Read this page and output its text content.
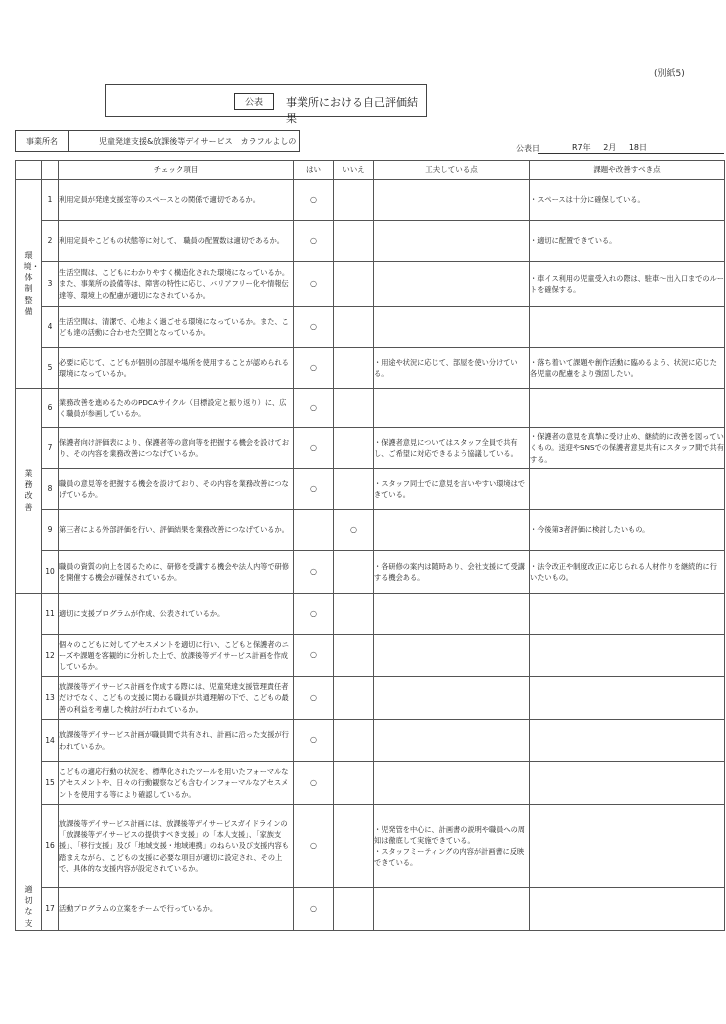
(別紙5)
公表	事業所における自己評価結果
事業所名	児童発達支援&放課後等デイサービス　カラフルよしの
公表日	R7年 2月 18日
		チェック項目	はい	いいえ	工夫している点	課題や改善すべき点
環境・体制整備	1	利用定員が発達支援室等のスペースとの関係で適切であるか。	○			・スペースは十分に確保している。
	2	利用定員やこどもの状態等に対して、 職員の配置数は適切であるか。	○			・適切に配置できている。
	3	生活空間は、こどもにわかりやすく構造化された環境になっているか。また、事業所の設備等は、障害の特性に応じ、バリアフリー化や情報伝達等、環境上の配慮が適切になされているか。	○			・車イス利用の児童受入れの際は、駐車～出入口までのルートを確保する。
	4	生活空間は、清潔で、心地よく過ごせる環境になっているか。また、こども達の活動に合わせた空間となっているか。	○			
	5	必要に応じて、こどもが個別の部屋や場所を使用することが認められる環境になっているか。	○		・用途や状況に応じて、部屋を使い分けている。	・落ち着いて課題や創作活動に臨めるよう、状況に応じた各児童の配慮をより強固したい。
業務改善	6	業務改善を進めるためのPDCAサイクル（目標設定と振り返り）に、広く職員が参画しているか。	○			
	7	保護者向け評価表により、保護者等の意向等を把握する機会を設けており、その内容を業務改善につなげているか。	○		・保護者意見についてはスタッフ全員で共有し、ご希望に対応できるよう協議している。	・保護者の意見を真摯に受け止め、継続的に改善を図っていくもの。送迎やSNSでの保護者意見共有にスタッフ間で共有する。
	8	職員の意見等を把握する機会を設けており、その内容を業務改善につなげているか。	○		・スタッフ同士でに意見を言いやすい環境はできている。	
	9	第三者による外部評価を行い、評価結果を業務改善につなげているか。		○		・今後第3者評価に検討したいもの。
	10	職員の資質の向上を図るために、研修を受講する機会や法人内等で研修を開催する機会が確保されているか。	○		・各研修の案内は随時あり、会社支援にて受講する機会ある。	・法令改正や制度改正に応じられる人材作りを継続的に行いたいもの。
適切な支	11	適切に支援プログラムが作成、公表されているか。	○			
	12	個々のこどもに対してアセスメントを適切に行い、こどもと保護者のニーズや課題を客観的に分析した上で、放課後等デイサービス計画を作成しているか。	○			
	13	放課後等デイサービス計画を作成する際には、児童発達支援管理責任者だけでなく、こどもの支援に関わる職員が共通理解の下で、こどもの最善の利益を考慮した検討が行われているか。	○			
	14	放課後等デイサービス計画が職員間で共有され、計画に沿った支援が行われているか。	○			
	15	こどもの適応行動の状況を、標準化されたツールを用いたフォーマルなアセスメントや、日々の行動観察なども含むインフォーマルなアセスメントを使用する等により確認しているか。	○			
	16	放課後等デイサービス計画には、放課後等デイサービスガイドラインの「放課後等デイサービスの提供すべき支援」の「本人支援」、「家族支援」、「移行支援」及び「地域支援・地域連携」のねらい及び支援内容も踏まえながら、こどもの支援に必要な項目が適切に設定され、その上で、具体的な支援内容が設定されているか。	○		・児発管を中心に、計画書の説明や職員への周知は徹底して実施できている。
・スタッフミーティングの内容が計画書に反映できている。	
	17	活動プログラムの立案をチームで行っているか。	○			
